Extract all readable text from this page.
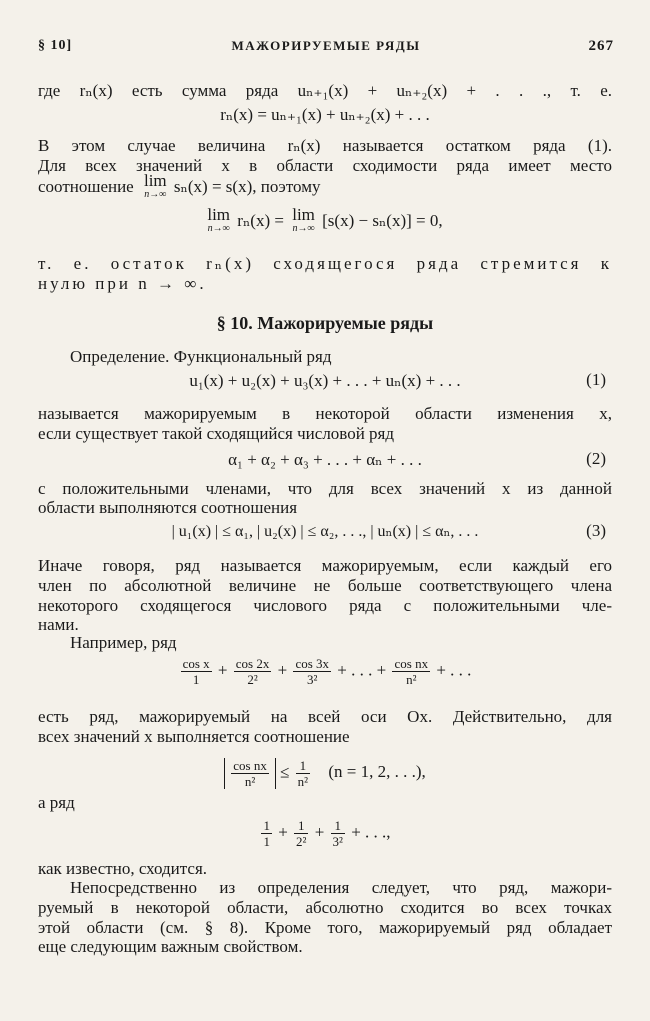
§ 10]	МАЖОРИРУЕМЫЕ РЯДЫ	267
где rₙ(x) есть сумма ряда uₙ₊₁(x) + uₙ₊₂(x) + . . ., т. е.
rₙ(x) = uₙ₊₁(x) + uₙ₊₂(x) + . . .
В этом случае величина rₙ(x) называется остатком ряда (1).
Для всех значений x в области сходимости ряда имеет место
соотношение lim
n→∞ sₙ(x) = s(x), поэтому
lim
n→∞ rₙ(x) = lim
n→∞ [s(x) − sₙ(x)] = 0,
т. е. остаток rₙ(x) сходящегося ряда стремится к
нулю при n → ∞.
§ 10. Мажорируемые ряды
Определение. Функциональный ряд
u₁(x) + u₂(x) + u₃(x) + . . . + uₙ(x) + . . .	(1)
называется мажорируемым в некоторой области изменения x,
если существует такой сходящийся числовой ряд
α₁ + α₂ + α₃ + . . . + αₙ + . . .	(2)
с положительными членами, что для всех значений x из данной
области выполняются соотношения
| u₁(x) | ≤ α₁, | u₂(x) | ≤ α₂, . . ., | uₙ(x) | ≤ αₙ, . . .	(3)
Иначе говоря, ряд называется мажорируемым, если каждый его
член по абсолютной величине не больше соответствующего члена
некоторого сходящегося числового ряда с положительными чле-
нами.
Например, ряд
$\frac{\text{cos x}}{1} + \frac{\cos 2x}{\text{2²}} + \frac{\cos 3x}{\text{3²}}$ + . . . + $\frac{\text{cos nx}}{\text{n²}}$ + . . .
есть ряд, мажорируемый на всей оси Ox. Действительно, для
всех значений x выполняется соотношение
$\frac{\text{cos nx}}{\text{n²}} \le \frac{1}{\text{n²}} (n = 1$, 2, . . .),
а ряд
$\frac{1}{1} + \frac{1}{\text{2²}} + \frac{1}{\text{3²}}$ + . . .,
как известно, сходится.
Непосредственно из определения следует, что ряд, мажори-
руемый в некоторой области, абсолютно сходится во всех точках
этой области (см. § 8). Кроме того, мажорируемый ряд обладает
еще следующим важным свойством.
